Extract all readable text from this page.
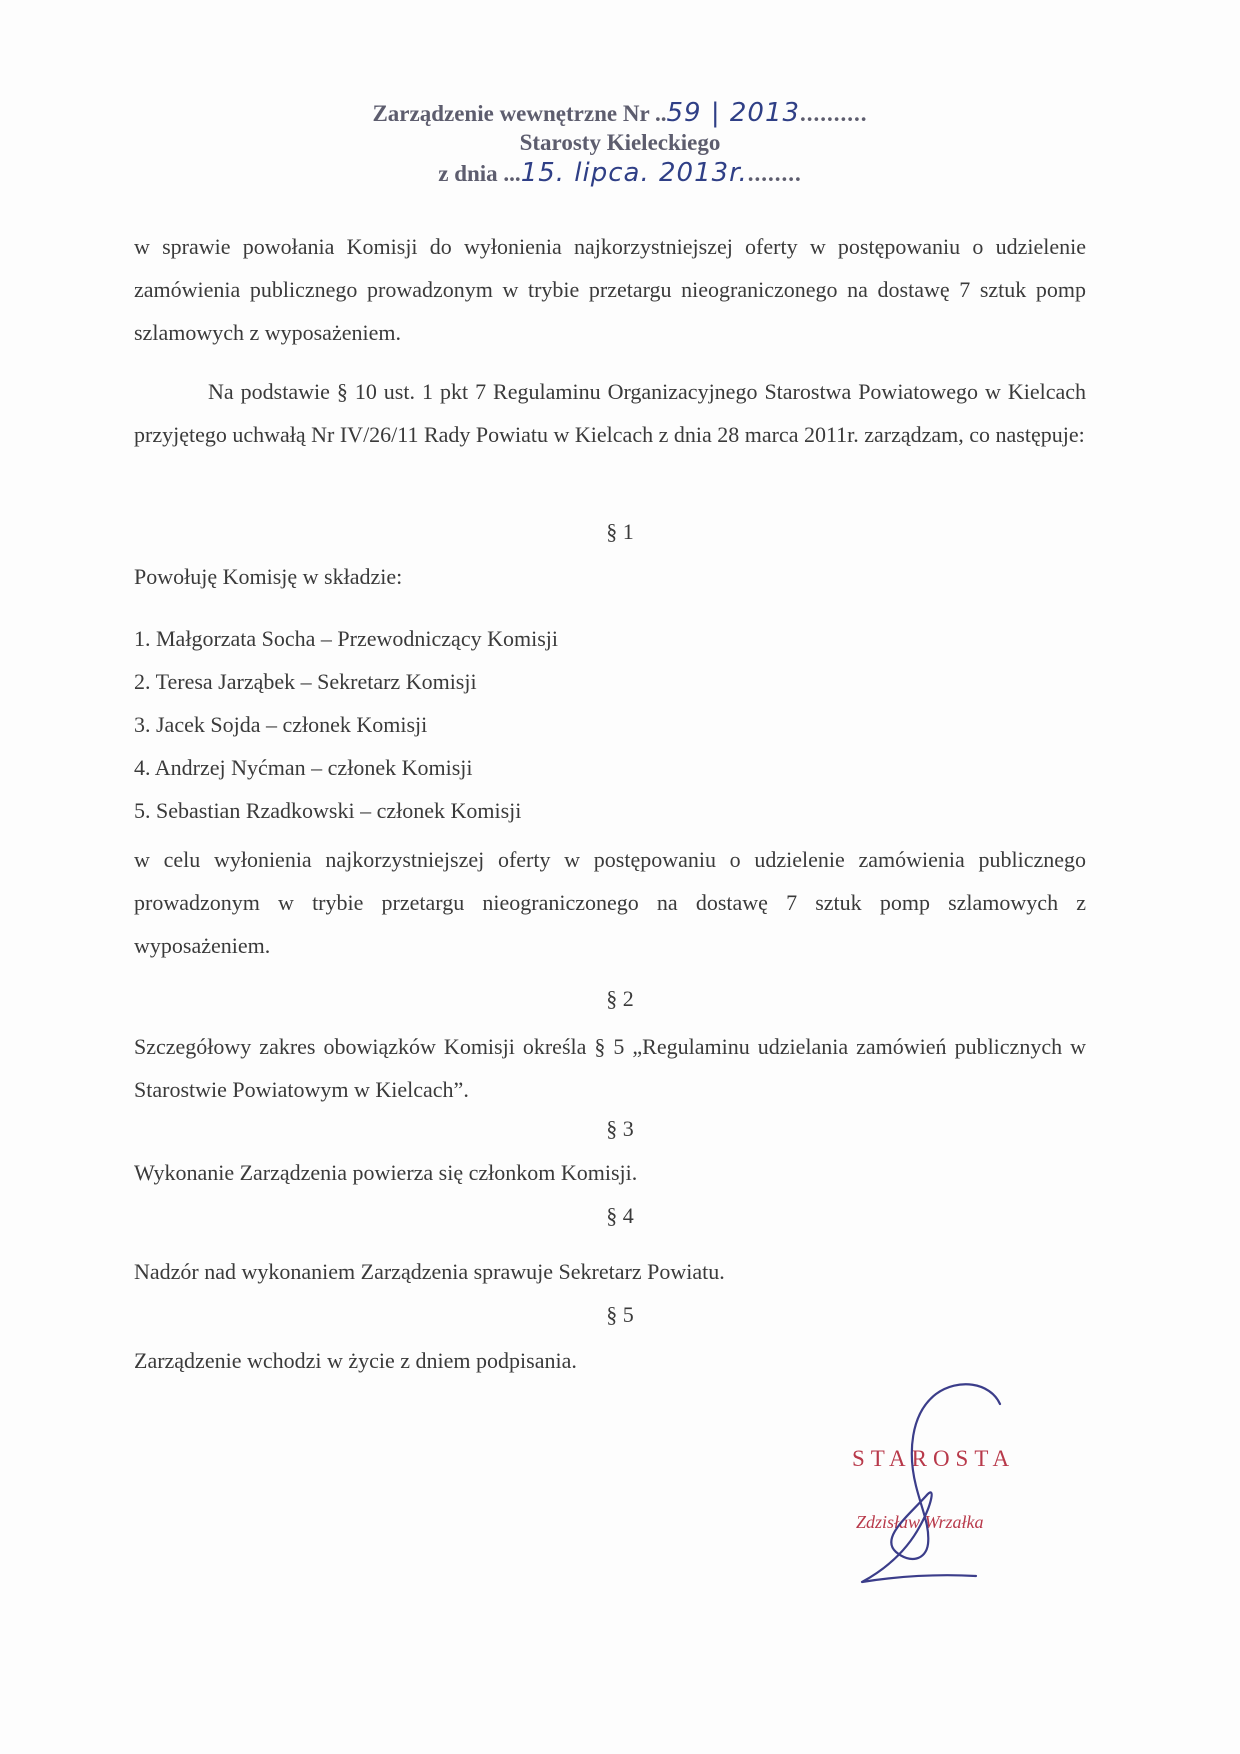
Zarządzenie wewnętrzne Nr ..59 | 2013..........
Starosty Kieleckiego
z dnia ...15. lipca. 2013r.........
w sprawie powołania Komisji do wyłonienia najkorzystniejszej oferty w postępowaniu o udzielenie zamówienia publicznego prowadzonym w trybie przetargu nieograniczonego na dostawę 7 sztuk pomp szlamowych z wyposażeniem.
Na podstawie § 10 ust. 1 pkt 7 Regulaminu Organizacyjnego Starostwa Powiatowego w Kielcach przyjętego uchwałą Nr IV/26/11 Rady Powiatu w Kielcach z dnia 28 marca 2011r. zarządzam, co następuje:
§ 1
Powołuję Komisję w składzie:
1. Małgorzata Socha – Przewodniczący Komisji
2. Teresa Jarząbek – Sekretarz Komisji
3. Jacek Sojda – członek Komisji
4. Andrzej Nyćman – członek Komisji
5. Sebastian Rzadkowski – członek Komisji
w celu wyłonienia najkorzystniejszej oferty w postępowaniu o udzielenie zamówienia publicznego prowadzonym w trybie przetargu nieograniczonego na dostawę 7 sztuk pomp szlamowych z wyposażeniem.
§ 2
Szczegółowy zakres obowiązków Komisji określa § 5 „Regulaminu udzielania zamówień publicznych w Starostwie Powiatowym w Kielcach”.
§ 3
Wykonanie Zarządzenia powierza się członkom Komisji.
§ 4
Nadzór nad wykonaniem Zarządzenia sprawuje Sekretarz Powiatu.
§ 5
Zarządzenie wchodzi w życie z dniem podpisania.
STAROSTA
Zdzisław Wrzałka
